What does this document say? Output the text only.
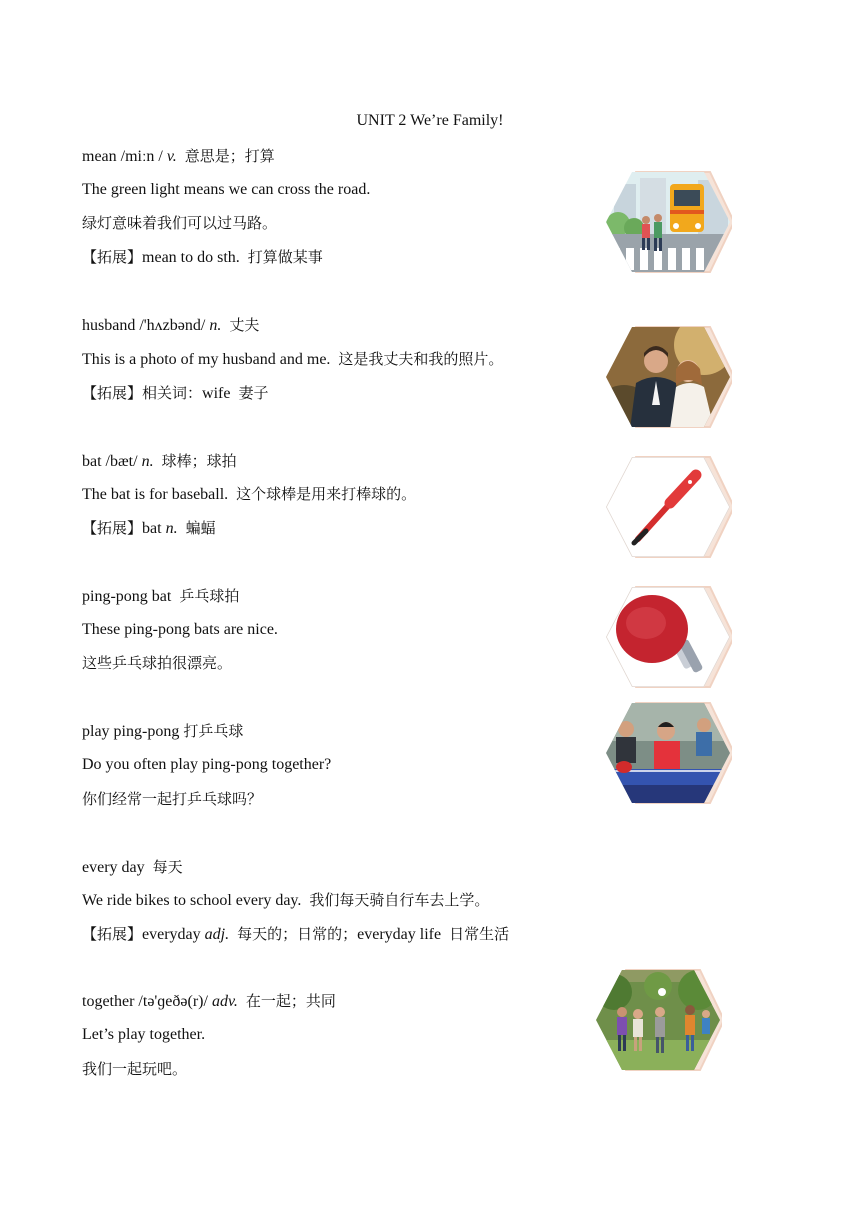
UNIT 2 We’re Family!
mean /miːn / v. 意思是；打算
The green light means we can cross the road.
绿灯意味着我们可以过马路。
【拓展】mean to do sth. 打算做某事
husband /'hʌzbənd/ n. 丈夫
This is a photo of my husband and me. 这是我丈夫和我的照片。
【拓展】相关词：wife 妻子
bat /bæt/ n. 球棒；球拍
The bat is for baseball. 这个球棒是用来打棒球的。
【拓展】bat n. 蝙蝠
ping-pong bat 乒乓球拍
These ping-pong bats are nice.
这些乒乓球拍很漂亮。
play ping-pong 打乒乓球
Do you often play ping-pong together?
你们经常一起打乒乓球吗？
every day 每天
We ride bikes to school every day. 我们每天骑自行车去上学。
【拓展】everyday adj. 每天的；日常的；everyday life 日常生活
together /tə'ɡeðə(r)/ adv. 在一起；共同
Let’s play together.
我们一起玩吧。
